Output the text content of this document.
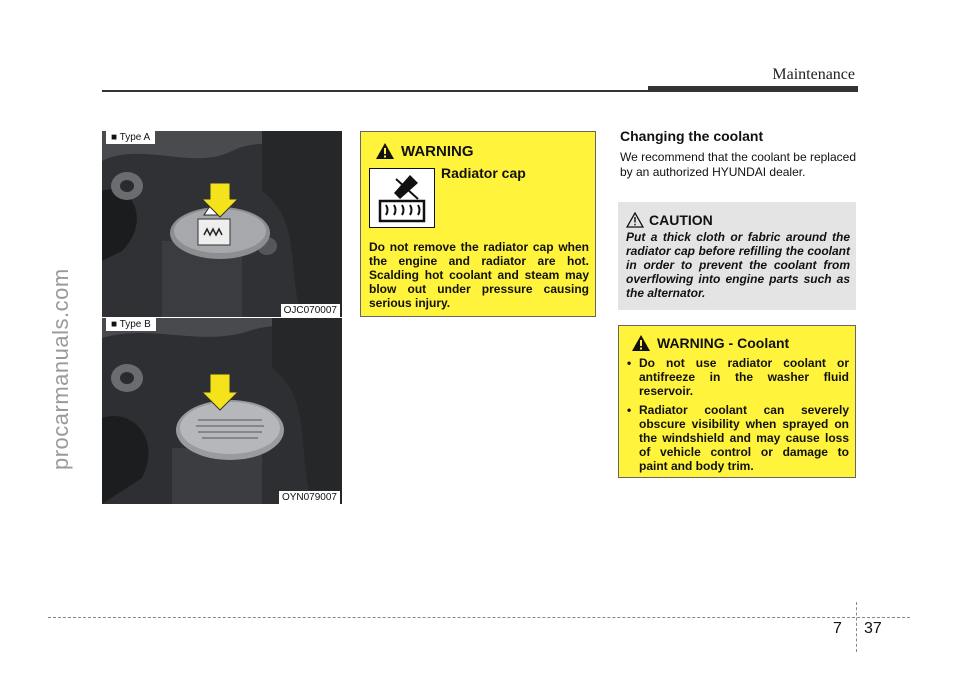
Maintenance
procarmanuals.com
■ Type A
OJC070007
■ Type B
OYN079007
WARNING
Radiator cap
Do not remove the radiator cap when the engine and radiator are hot. Scalding hot coolant and steam may blow out under pressure causing serious injury.
Changing the coolant
We recommend that the coolant be replaced by an authorized HYUNDAI dealer.
CAUTION
Put a thick cloth or fabric around the radiator cap before refilling the coolant in order to prevent the coolant from overflowing into engine parts such as the alternator.
WARNING - Coolant
• Do not use radiator coolant or antifreeze in the washer fluid reservoir.
• Radiator coolant can severely obscure visibility when sprayed on the windshield and may cause loss of vehicle control or damage to paint and body trim.
7 37
